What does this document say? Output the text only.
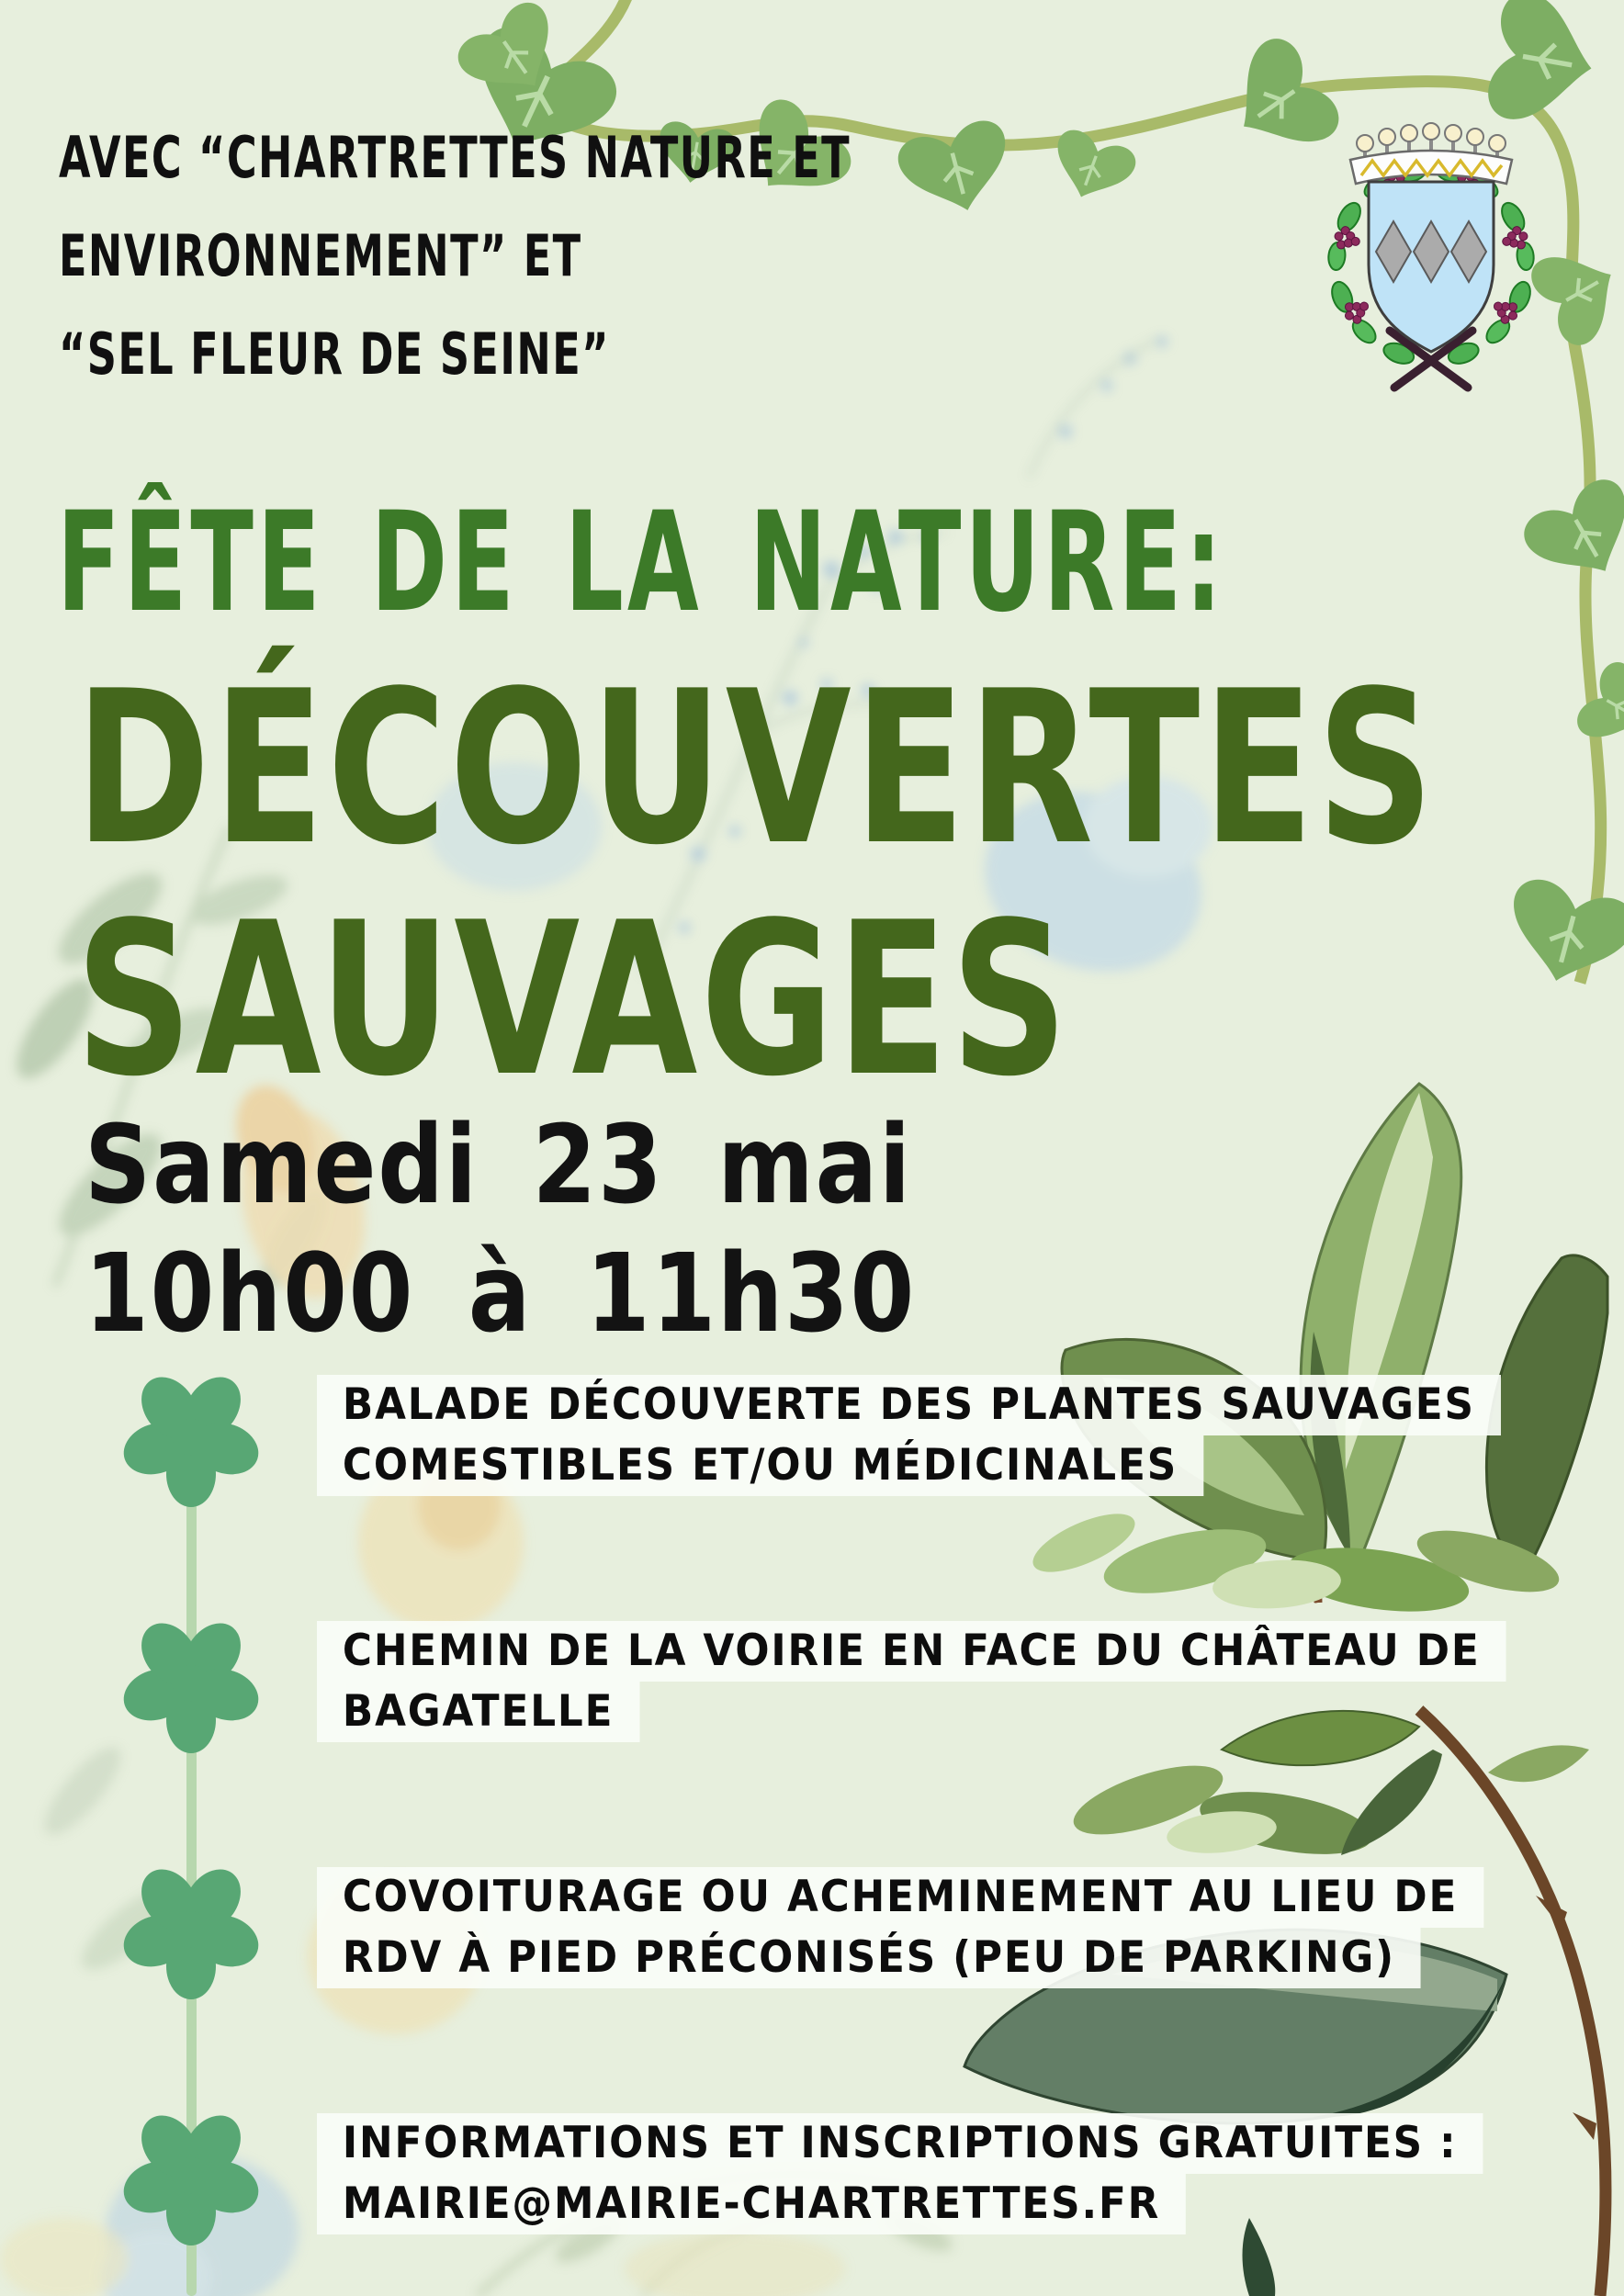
AVEC “CHARTRETTES NATURE ET
ENVIRONNEMENT” ET
“SEL FLEUR DE SEINE”
FÊTE DE LA NATURE:
DÉCOUVERTES
SAUVAGES
Samedi 23 mai
10h00 à 11h30
BALADE DÉCOUVERTE DES PLANTES SAUVAGES
COMESTIBLES ET/OU MÉDICINALES
CHEMIN DE LA VOIRIE EN FACE DU CHÂTEAU DE
BAGATELLE
COVOITURAGE OU ACHEMINEMENT AU LIEU DE
RDV À PIED PRÉCONISÉS (PEU DE PARKING)
INFORMATIONS ET INSCRIPTIONS GRATUITES :
MAIRIE@MAIRIE-CHARTRETTES.FR
